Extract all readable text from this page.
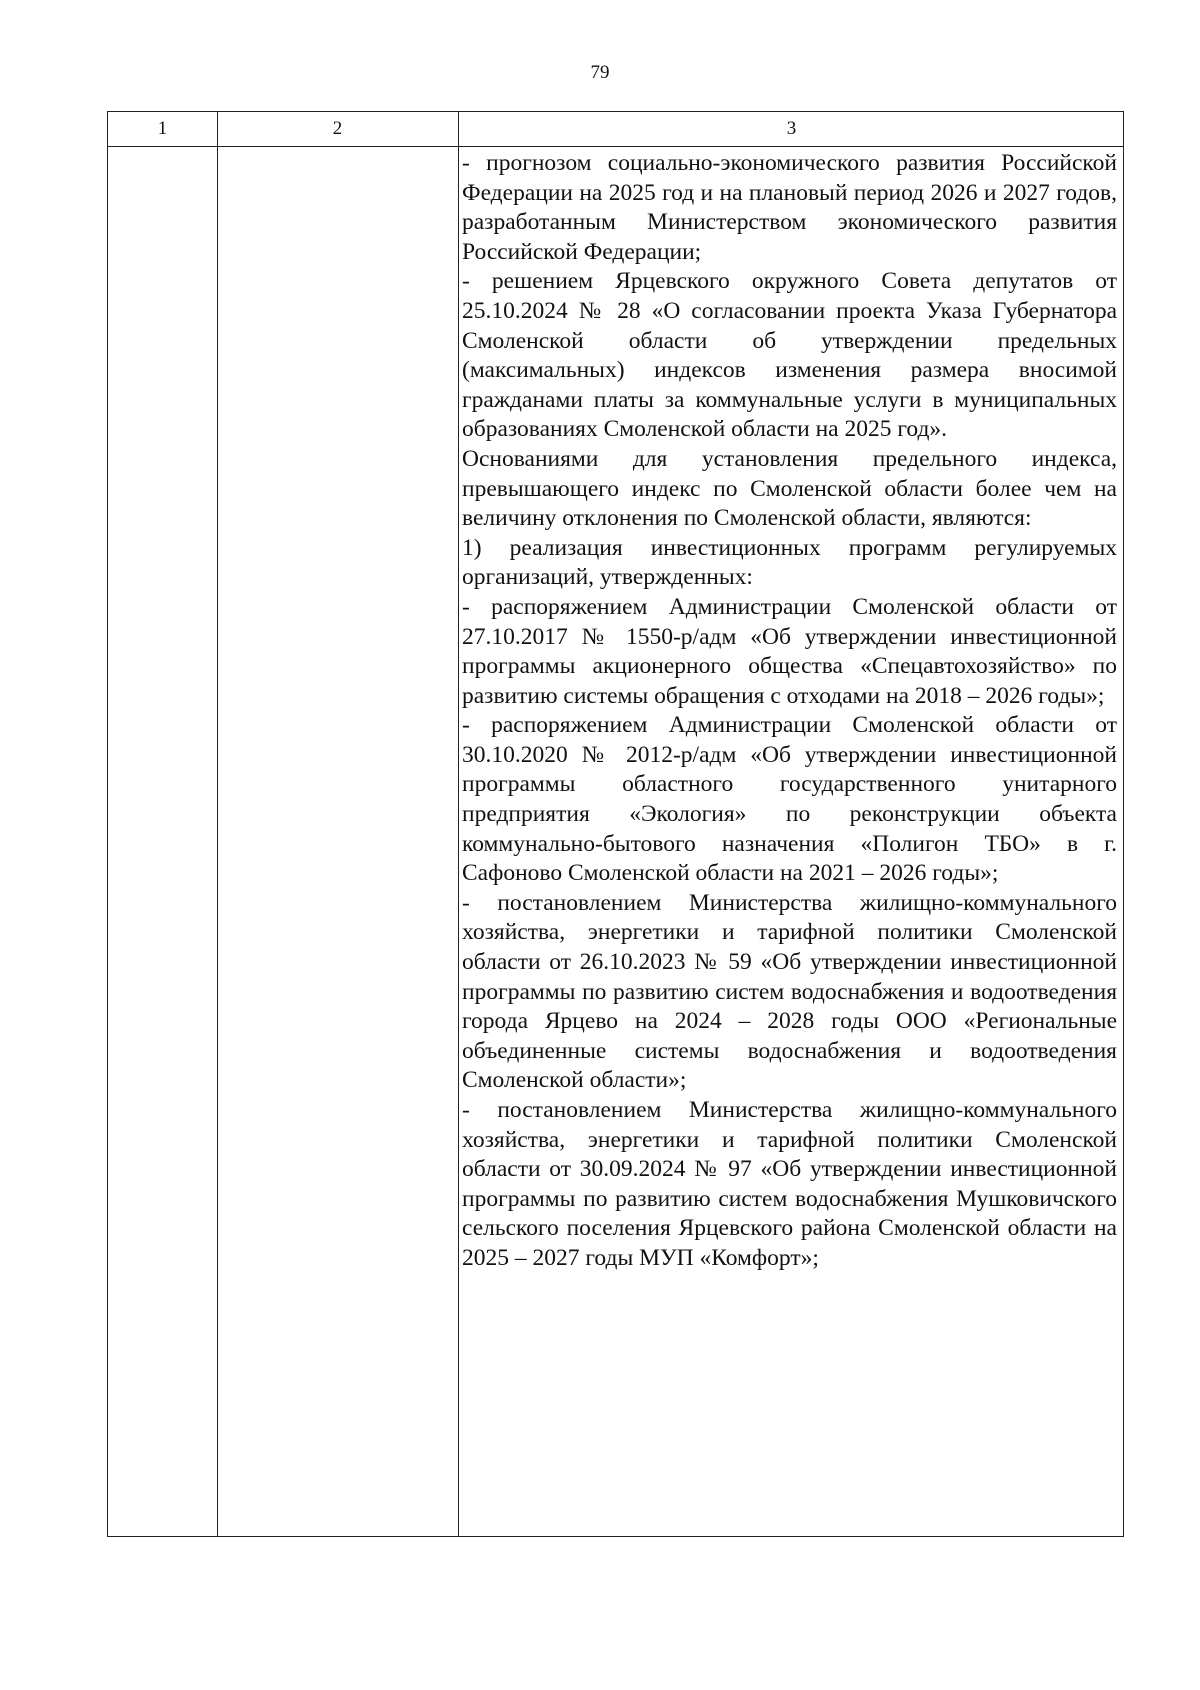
79
1	2	3

- прогнозом социально-экономического развития Российской Федерации на 2025 год и на плановый период 2026 и 2027 годов, разработанным Министерством экономического развития Российской Федерации;

- решением Ярцевского окружного Совета депутатов от 25.10.2024 № 28 «О согласовании проекта Указа Губернатора Смоленской области об утверждении предельных (максимальных) индексов изменения размера вносимой гражданами платы за коммунальные услуги в муниципальных образованиях Смоленской области на 2025 год».

Основаниями для установления предельного индекса, превышающего индекс по Смоленской области более чем на величину отклонения по Смоленской области, являются:

1) реализация инвестиционных программ регулируемых организаций, утвержденных:

- распоряжением Администрации Смоленской области от 27.10.2017 № 1550-р/адм «Об утверждении инвестиционной программы акционерного общества «Спецавтохозяйство» по развитию системы обращения с отходами на 2018 – 2026 годы»;

- распоряжением Администрации Смоленской области от 30.10.2020 № 2012-р/адм «Об утверждении инвестиционной программы областного государственного унитарного предприятия «Экология» по реконструкции объекта коммунально-бытового назначения «Полигон ТБО» в г. Сафоново Смоленской области на 2021 – 2026 годы»;

- постановлением Министерства жилищно-коммунального хозяйства, энергетики и тарифной политики Смоленской области от 26.10.2023 № 59 «Об утверждении инвестиционной программы по развитию систем водоснабжения и водоотведения города Ярцево на 2024 – 2028 годы ООО «Региональные объединенные системы водоснабжения и водоотведения Смоленской области»;

- постановлением Министерства жилищно-коммунального хозяйства, энергетики и тарифной политики Смоленской области от 30.09.2024 № 97 «Об утверждении инвестиционной программы по развитию систем водоснабжения Мушковичского сельского поселения Ярцевского района Смоленской области на 2025 – 2027 годы МУП «Комфорт»;
